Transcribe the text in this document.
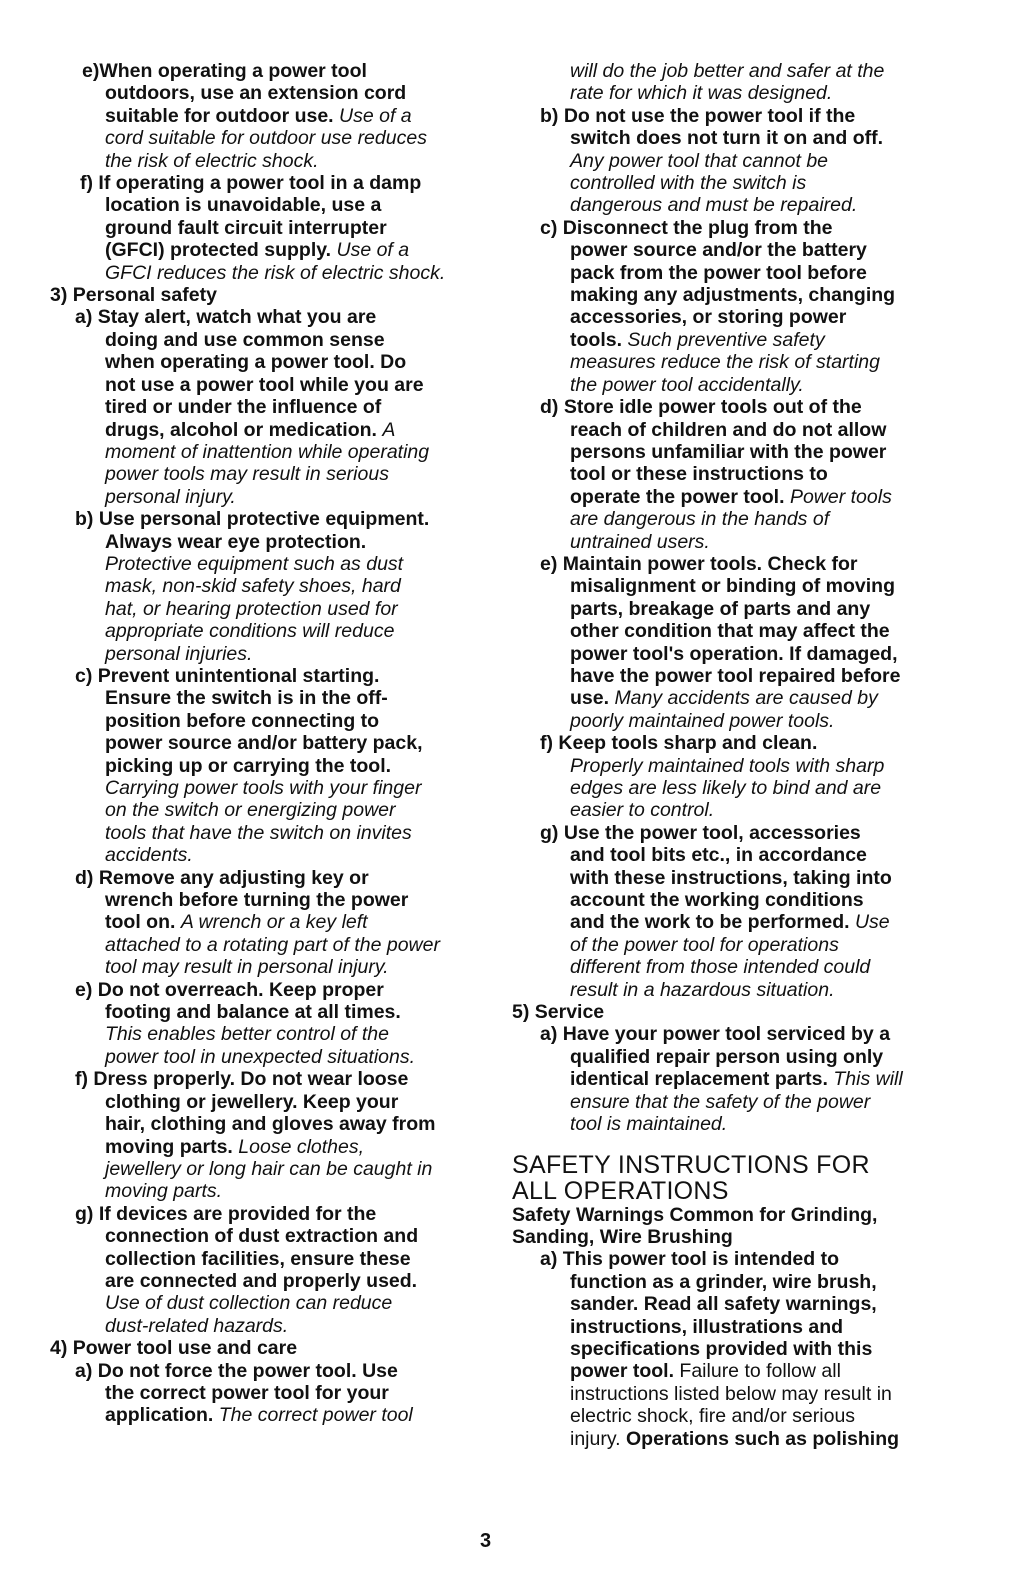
e)When operating a power tool

outdoors, use an extension cord

suitable for outdoor use. Use of a

cord suitable for outdoor use reduces

the risk of electric shock.

f) If operating a power tool in a damp

location is unavoidable, use a

ground fault circuit interrupter

(GFCI) protected supply. Use of a

GFCI reduces the risk of electric shock.

3) Personal safety

a) Stay alert, watch what you are

doing and use common sense

when operating a power tool. Do

not use a power tool while you are

tired or under the influence of

drugs, alcohol or medication. A

moment of inattention while operating

power tools may result in serious

personal injury.

b) Use personal protective equipment.

Always wear eye protection.

Protective equipment such as dust

mask, non-skid safety shoes, hard

hat, or hearing protection used for

appropriate conditions will reduce

personal injuries.

c) Prevent unintentional starting.

Ensure the switch is in the off-

position before connecting to

power source and/or battery pack,

picking up or carrying the tool.

Carrying power tools with your finger

on the switch or energizing power

tools that have the switch on invites

accidents.

d) Remove any adjusting key or

wrench before turning the power

tool on. A wrench or a key left

attached to a rotating part of the power

tool may result in personal injury.

e) Do not overreach. Keep proper

footing and balance at all times.

This enables better control of the

power tool in unexpected situations.

f) Dress properly. Do not wear loose

clothing or jewellery. Keep your

hair, clothing and gloves away from

moving parts. Loose clothes,

jewellery or long hair can be caught in

moving parts.

g) If devices are provided for the

connection of dust extraction and

collection facilities, ensure these

are connected and properly used.

Use of dust collection can reduce

dust-related hazards.

4) Power tool use and care

a) Do not force the power tool. Use

the correct power tool for your

application. The correct power tool

will do the job better and safer at the

rate for which it was designed.

b) Do not use the power tool if the

switch does not turn it on and off.

Any power tool that cannot be

controlled with the switch is

dangerous and must be repaired.

c) Disconnect the plug from the

power source and/or the battery

pack from the power tool before

making any adjustments, changing

accessories, or storing power

tools. Such preventive safety

measures reduce the risk of starting

the power tool accidentally.

d) Store idle power tools out of the

reach of children and do not allow

persons unfamiliar with the power

tool or these instructions to

operate the power tool. Power tools

are dangerous in the hands of

untrained users.

e) Maintain power tools. Check for

misalignment or binding of moving

parts, breakage of parts and any

other condition that may affect the

power tool's operation. If damaged,

have the power tool repaired before

use. Many accidents are caused by

poorly maintained power tools.

f) Keep tools sharp and clean.

Properly maintained tools with sharp

edges are less likely to bind and are

easier to control.

g) Use the power tool, accessories

and tool bits etc., in accordance

with these instructions, taking into

account the working conditions

and the work to be performed. Use

of the power tool for operations

different from those intended could

result in a hazardous situation.

5) Service

a) Have your power tool serviced by a

qualified repair person using only

identical replacement parts. This will

ensure that the safety of the power

tool is maintained.

SAFETY INSTRUCTIONS FOR

ALL OPERATIONS

Safety Warnings Common for Grinding,

Sanding, Wire Brushing

a) This power tool is intended to

function as a grinder, wire brush,

sander. Read all safety warnings,

instructions, illustrations and

specifications provided with this

power tool. Failure to follow all

instructions listed below may result in

electric shock, fire and/or serious

injury. Operations such as polishing

3
